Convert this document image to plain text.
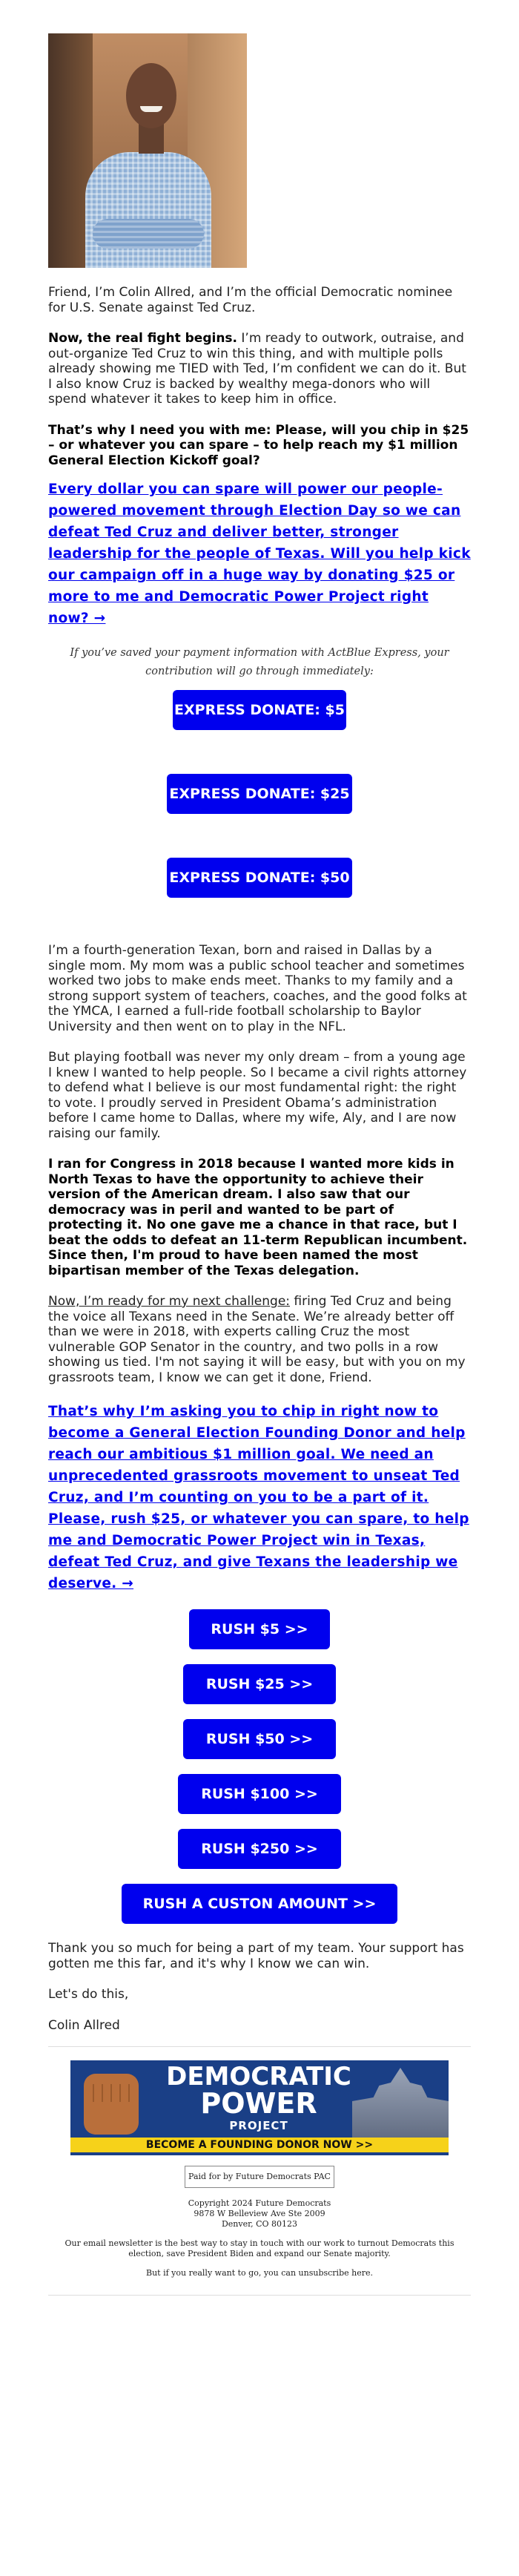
Friend, I’m Colin Allred, and I’m the official Democratic nominee for U.S. Senate against Ted Cruz.

Now, the real fight begins. I’m ready to outwork, outraise, and out-organize Ted Cruz to win this thing, and with multiple polls already showing me TIED with Ted, I’m confident we can do it. But I also know Cruz is backed by wealthy mega-donors who will spend whatever it takes to keep him in office.

That’s why I need you with me: Please, will you chip in $25 – or whatever you can spare – to help reach my $1 million General Election Kickoff goal?

Every dollar you can spare will power our people-powered movement through Election Day so we can defeat Ted Cruz and deliver better, stronger leadership for the people of Texas. Will you help kick our campaign off in a huge way by donating $25 or more to me and Democratic Power Project right now? →

If you’ve saved your payment information with ActBlue Express, your contribution will go through immediately:
EXPRESS DONATE: $5 >>
EXPRESS DONATE: $25 >>
EXPRESS DONATE: $50 >>

I’m a fourth-generation Texan, born and raised in Dallas by a single mom. My mom was a public school teacher and sometimes worked two jobs to make ends meet. Thanks to my family and a strong support system of teachers, coaches, and the good folks at the YMCA, I earned a full-ride football scholarship to Baylor University and then went on to play in the NFL.

But playing football was never my only dream – from a young age I knew I wanted to help people. So I became a civil rights attorney to defend what I believe is our most fundamental right: the right to vote. I proudly served in President Obama’s administration before I came home to Dallas, where my wife, Aly, and I are now raising our family.

I ran for Congress in 2018 because I wanted more kids in North Texas to have the opportunity to achieve their version of the American dream. I also saw that our democracy was in peril and wanted to be part of protecting it. No one gave me a chance in that race, but I beat the odds to defeat an 11-term Republican incumbent. Since then, I'm proud to have been named the most bipartisan member of the Texas delegation.

Now, I’m ready for my next challenge: firing Ted Cruz and being the voice all Texans need in the Senate. We’re already better off than we were in 2018, with experts calling Cruz the most vulnerable GOP Senator in the country, and two polls in a row showing us tied. I'm not saying it will be easy, but with you on my grassroots team, I know we can get it done, Friend.

That’s why I’m asking you to chip in right now to become a General Election Founding Donor and help reach our ambitious $1 million goal. We need an unprecedented grassroots movement to unseat Ted Cruz, and I’m counting on you to be a part of it. Please, rush $25, or whatever you can spare, to help me and Democratic Power Project win in Texas, defeat Ted Cruz, and give Texans the leadership we deserve. →

RUSH $5 >>
RUSH $25 >>
RUSH $50 >>
RUSH $100 >>
RUSH $250 >>
RUSH A CUSTON AMOUNT >>

Thank you so much for being a part of my team. Your support has gotten me this far, and it's why I know we can win.

Let's do this,

Colin Allred

DEMOCRATIC
POWER
PROJECT
BECOME A FOUNDING DONOR NOW >>
Paid for by Future Democrats PAC
Copyright 2024 Future Democrats
9878 W Belleview Ave Ste 2009
Denver, CO 80123
Our email newsletter is the best way to stay in touch with our work to turnout Democrats this election, save President Biden and expand our Senate majority.
But if you really want to go, you can unsubscribe here.
